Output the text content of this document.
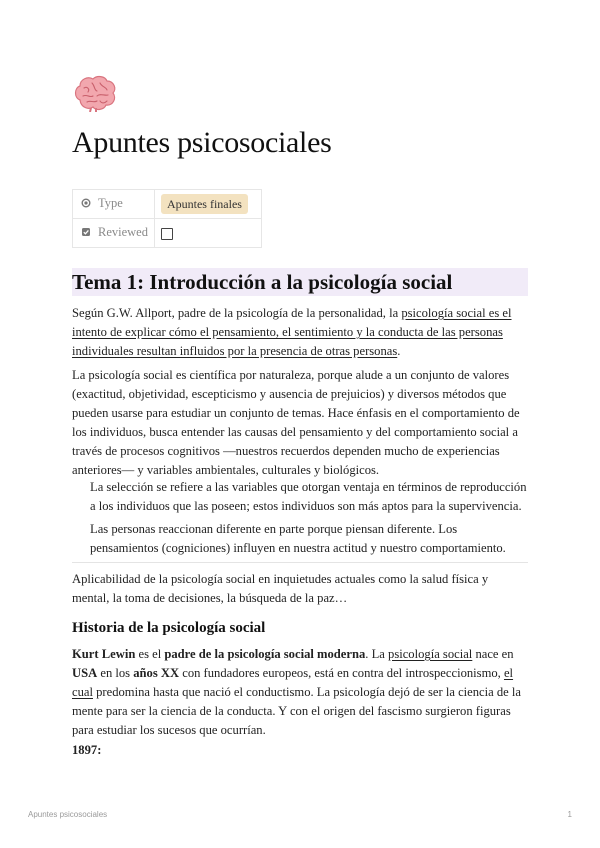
Apuntes psicosociales
Type	Apuntes finales

Reviewed	

Tema 1: Introducción a la psicología social

Según G.W. Allport, padre de la psicología de la personalidad, la psicología social es el intento de explicar cómo el pensamiento, el sentimiento y la conducta de las personas individuales resultan influidos por la presencia de otras personas.

La psicología social es científica por naturaleza, porque alude a un conjunto de valores (exactitud, objetividad, escepticismo y ausencia de prejuicios) y diversos métodos que pueden usarse para estudiar un conjunto de temas. Hace énfasis en el comportamiento de los individuos, busca entender las causas del pensamiento y del comportamiento social a través de procesos cognitivos —nuestros recuerdos dependen mucho de experiencias anteriores— y variables ambientales, culturales y biológicos.

La selección se refiere a las variables que otorgan ventaja en términos de reproducción a los individuos que las poseen; estos individuos son más aptos para la supervivencia.

Las personas reaccionan diferente en parte porque piensan diferente. Los pensamientos (cogniciones) influyen en nuestra actitud y nuestro comportamiento.

Aplicabilidad de la psicología social en inquietudes actuales como la salud física y mental, la toma de decisiones, la búsqueda de la paz…

Historia de la psicología social

Kurt Lewin es el padre de la psicología social moderna. La psicología social nace en USA en los años XX con fundadores europeos, está en contra del introspeccionismo, el cual predomina hasta que nació el conductismo. La psicología dejó de ser la ciencia de la mente para ser la ciencia de la conducta. Y con el origen del fascismo surgieron figuras para estudiar los sucesos que ocurrían.

1897:

Apuntes psicosociales	1
